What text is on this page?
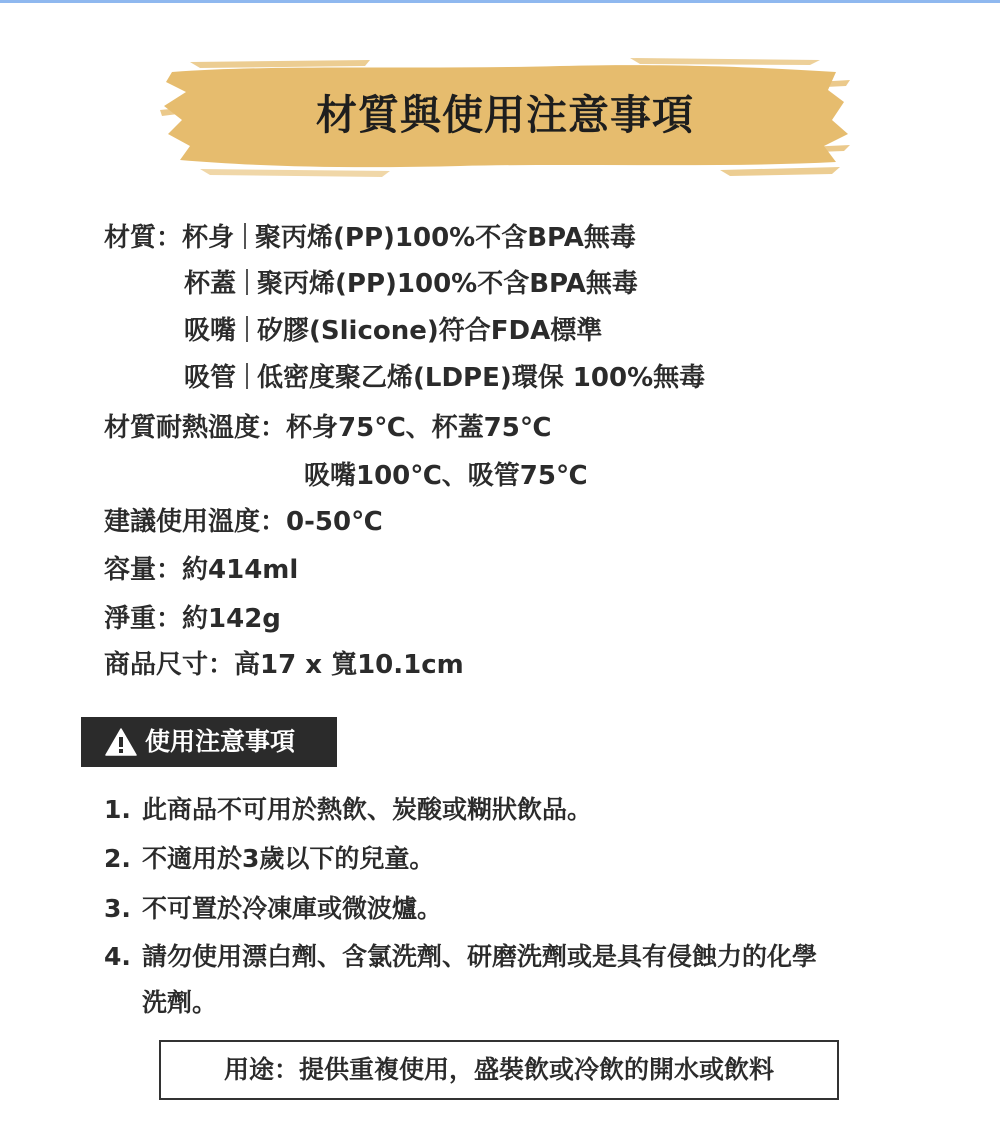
材質與使用注意事項
材質：杯身 聚丙烯(PP)100%不含BPA無毒
杯蓋 聚丙烯(PP)100%不含BPA無毒
吸嘴 矽膠(Slicone)符合FDA標準
吸管 低密度聚乙烯(LDPE)環保 100%無毒
材質耐熱溫度：杯身75℃、杯蓋75℃
吸嘴100℃、吸管75℃
建議使用溫度：0-50℃
容量：約414ml
淨重：約142g
商品尺寸：高17 x 寬10.1cm
使用注意事項
1. 此商品不可用於熱飲、炭酸或糊狀飲品。
2. 不適用於3歲以下的兒童。
3. 不可置於冷凍庫或微波爐。
4. 請勿使用漂白劑、含氯洗劑、研磨洗劑或是具有侵蝕力的化學
洗劑。
用途：提供重複使用，盛裝飲或冷飲的開水或飲料
